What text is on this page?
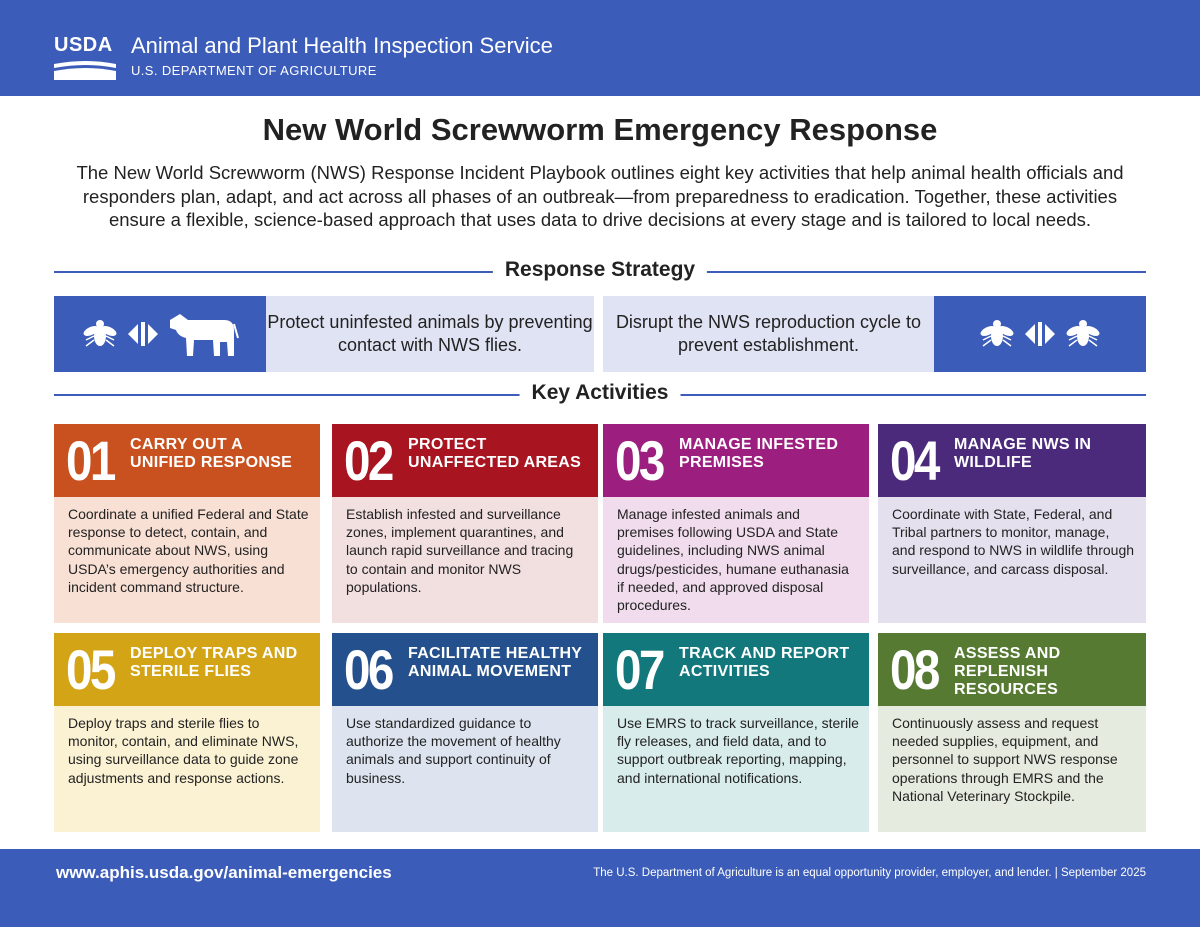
USDA Animal and Plant Health Inspection Service
U.S. DEPARTMENT OF AGRICULTURE
New World Screwworm Emergency Response

The New World Screwworm (NWS) Response Incident Playbook outlines eight key activities that help animal health officials and responders plan, adapt, and act across all phases of an outbreak—from preparedness to eradication. Together, these activities ensure a flexible, science-based approach that uses data to drive decisions at every stage and is tailored to local needs.

Response Strategy
Protect uninfested animals by preventing contact with NWS flies.
Disrupt the NWS reproduction cycle to prevent establishment.
Key Activities
01 CARRY OUT A UNIFIED RESPONSE
Coordinate a unified Federal and State response to detect, contain, and communicate about NWS, using USDA’s emergency authorities and incident command structure.
02 PROTECT UNAFFECTED AREAS
Establish infested and surveillance zones, implement quarantines, and launch rapid surveillance and tracing to contain and monitor NWS populations.
03 MANAGE INFESTED PREMISES
Manage infested animals and premises following USDA and State guidelines, including NWS animal drugs/pesticides, humane euthanasia if needed, and approved disposal procedures.
04 MANAGE NWS IN WILDLIFE
Coordinate with State, Federal, and Tribal partners to monitor, manage, and respond to NWS in wildlife through surveillance, and carcass disposal.
05 DEPLOY TRAPS AND STERILE FLIES
Deploy traps and sterile flies to monitor, contain, and eliminate NWS, using surveillance data to guide zone adjustments and response actions.
06 FACILITATE HEALTHY ANIMAL MOVEMENT
Use standardized guidance to authorize the movement of healthy animals and support continuity of business.
07 TRACK AND REPORT ACTIVITIES
Use EMRS to track surveillance, sterile fly releases, and field data, and to support outbreak reporting, mapping, and international notifications.
08 ASSESS AND REPLENISH RESOURCES
Continuously assess and request needed supplies, equipment, and personnel to support NWS response operations through EMRS and the National Veterinary Stockpile.
www.aphis.usda.gov/animal-emergencies	The U.S. Department of Agriculture is an equal opportunity provider, employer, and lender. | September 2025
